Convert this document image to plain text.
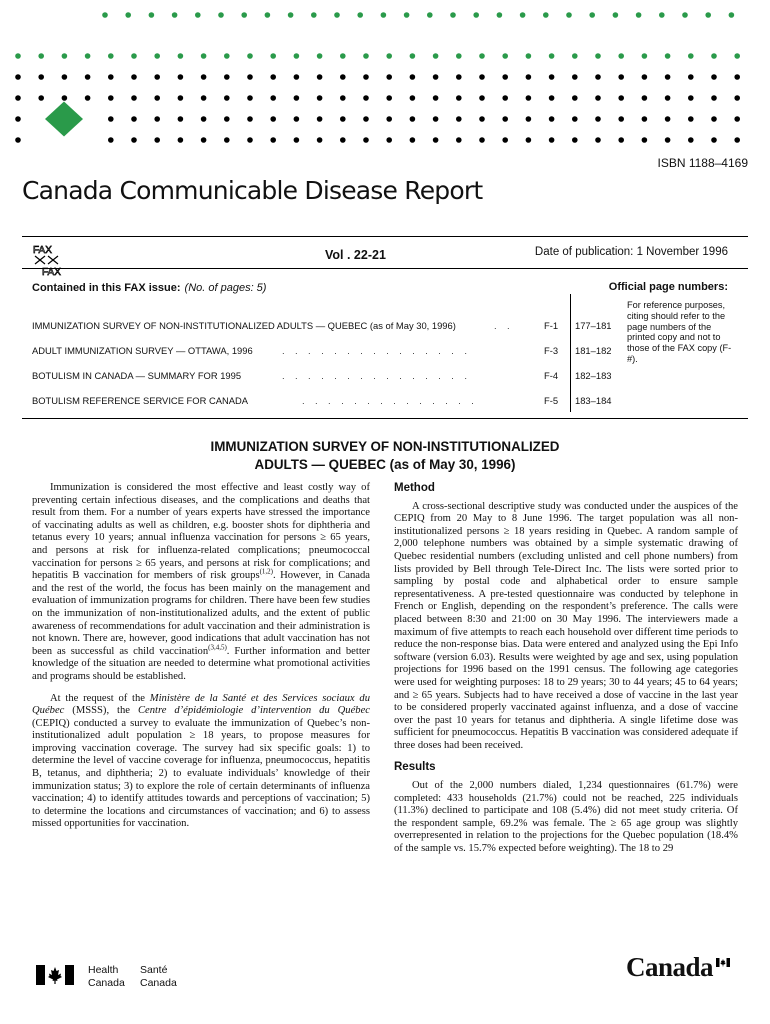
ISBN 1188–4169
Canada Communicable Disease Report
FAX
FAX
Vol . 22-21	Date of publication: 1 November 1996
Contained in this FAX issue: (No. of pages: 5)	Official page numbers:
IMMUNIZATION SURVEY OF NON-INSTITUTIONALIZED ADULTS — QUEBEC (as of May 30, 1996)	.    .	F-1 177–181
ADULT IMMUNIZATION SURVEY — OTTAWA, 1996	.    .    .    .    .    .    .    .    .    .    .    .    .    .    .	F-3 181–182
BOTULISM IN CANADA — SUMMARY FOR 1995	.    .    .    .    .    .    .    .    .    .    .    .    .    .    .	F-4 182–183
BOTULISM REFERENCE SERVICE FOR CANADA	.    .    .    .    .    .    .    .    .    .    .    .    .    .	F-5 183–184
For reference purposes, citing should refer to the page numbers of the printed copy and not to those of the FAX copy (F-#).
IMMUNIZATION SURVEY OF NON-INSTITUTIONALIZED
ADULTS — QUEBEC (as of May 30, 1996)

Immunization is considered the most effective and least costly way of preventing certain infectious diseases, and the complications and deaths that result from them. For a number of years experts have stressed the importance of vaccinating adults as well as children, e.g. booster shots for diphtheria and tetanus every 10 years; annual influenza vaccination for persons ≥ 65 years, and persons at risk for influenza-related complications; pneumococcal vaccination for persons ≥ 65 years, and persons at risk for complications; and hepatitis B vaccination for members of risk groups$^{(1,2)}$. However, in Canada and the rest of the world, the focus has been mainly on the management and evaluation of immunization programs for children. There have been few studies on the immunization of non-institutionalized adults, and the extent of public awareness of recommendations for adult vaccination and their administration is not known. There are, however, good indications that adult vaccination has not been as successful as child vaccination$^{(3,4,5)}$. Further information and better knowledge of the situation are needed to determine what promotional activities and programs should be established.

At the request of the Ministère de la Santé et des Services sociaux du Québec (MSSS), the Centre d’épidémiologie d’intervention du Québec (CEPIQ) conducted a survey to evaluate the immunization of Quebec’s non-institutionalized adult population ≥ 18 years, to propose measures for improving vaccination coverage. The survey had six specific goals: 1) to determine the level of vaccine coverage for influenza, pneumococcus, hepatitis B, tetanus, and diphtheria; 2) to evaluate individuals’ knowledge of their immunization status; 3) to explore the role of certain determinants of influenza vaccination; 4) to identify attitudes towards and perceptions of vaccination; 5) to determine the locations and circumstances of vaccination; and 6) to assess missed opportunities for vaccination.

Method

A cross-sectional descriptive study was conducted under the auspices of the CEPIQ from 20 May to 8 June 1996. The target population was all non-institutionalized persons ≥ 18 years residing in Quebec. A random sample of 2,000 telephone numbers was obtained by a simple systematic drawing of Quebec residential numbers (excluding unlisted and cell phone numbers) from lists provided by Bell through Tele-Direct Inc. The lists were sorted prior to sampling by postal code and alphabetical order to ensure sample representativeness. A pre-tested questionnaire was conducted by telephone in French or English, depending on the respondent’s preference. The calls were placed between 8:30 and 21:00 on 30 May 1996. The interviewers made a maximum of five attempts to reach each household over different time periods to reduce the non-response bias. Data were entered and analyzed using the Epi Info software (version 6.03). Results were weighted by age and sex, using population projections for 1996 based on the 1991 census. The following age categories were used for weighting purposes: 18 to 29 years; 30 to 44 years; 45 to 64 years; and ≥ 65 years. Subjects had to have received a dose of vaccine in the last year to be considered properly vaccinated against influenza, and a dose of vaccine over the past 10 years for tetanus and diphtheria. A single lifetime dose was sufficient for pneumococcus. Hepatitis B vaccination was considered adequate if three doses had been received.

Results

Out of the 2,000 numbers dialed, 1,234 questionnaires (61.7%) were completed: 433 households (21.7%) could not be reached, 225 individuals (11.3%) declined to participate and 108 (5.4%) did not meet study criteria. Of the respondent sample, 69.2% was female. The ≥ 65 age group was slightly overrepresented in relation to the projections for the Quebec population (18.4% of the sample vs. 15.7% expected before weighting). The 18 to 29

Health
Canada
Santé
Canada
Canada
